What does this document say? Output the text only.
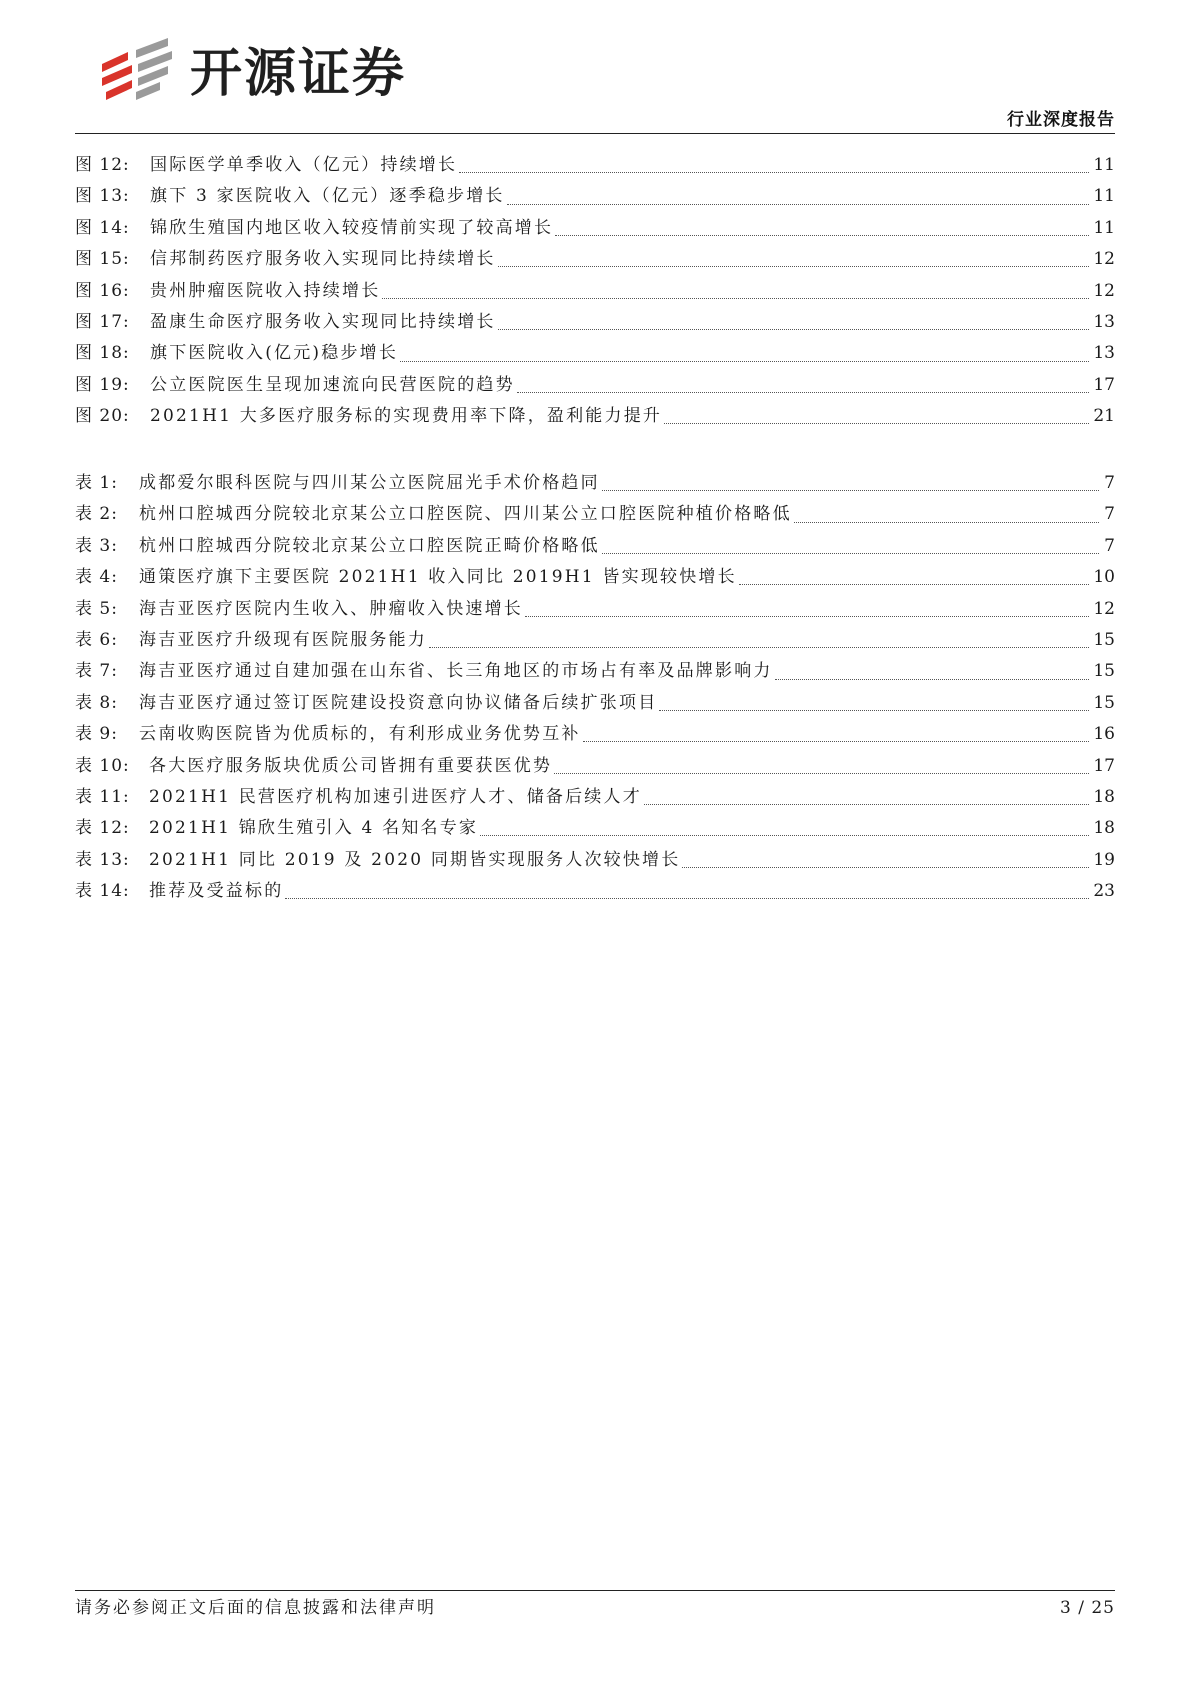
开源证券
行业深度报告
图 12:	国际医学单季收入（亿元）持续增长	11
图 13:	旗下 3 家医院收入（亿元）逐季稳步增长	11
图 14:	锦欣生殖国内地区收入较疫情前实现了较高增长	11
图 15:	信邦制药医疗服务收入实现同比持续增长	12
图 16:	贵州肿瘤医院收入持续增长	12
图 17:	盈康生命医疗服务收入实现同比持续增长	13
图 18:	旗下医院收入(亿元)稳步增长	13
图 19:	公立医院医生呈现加速流向民营医院的趋势	17
图 20:	2021H1 大多医疗服务标的实现费用率下降，盈利能力提升	21
表 1:	成都爱尔眼科医院与四川某公立医院屈光手术价格趋同	7
表 2:	杭州口腔城西分院较北京某公立口腔医院、四川某公立口腔医院种植价格略低	7
表 3:	杭州口腔城西分院较北京某公立口腔医院正畸价格略低	7
表 4:	通策医疗旗下主要医院 2021H1 收入同比 2019H1 皆实现较快增长	10
表 5:	海吉亚医疗医院内生收入、肿瘤收入快速增长	12
表 6:	海吉亚医疗升级现有医院服务能力	15
表 7:	海吉亚医疗通过自建加强在山东省、长三角地区的市场占有率及品牌影响力	15
表 8:	海吉亚医疗通过签订医院建设投资意向协议储备后续扩张项目	15
表 9:	云南收购医院皆为优质标的，有利形成业务优势互补	16
表 10:	各大医疗服务版块优质公司皆拥有重要获医优势	17
表 11:	2021H1 民营医疗机构加速引进医疗人才、储备后续人才	18
表 12:	2021H1 锦欣生殖引入 4 名知名专家	18
表 13:	2021H1 同比 2019 及 2020 同期皆实现服务人次较快增长	19
表 14:	推荐及受益标的	23
请务必参阅正文后面的信息披露和法律声明	3 / 25
